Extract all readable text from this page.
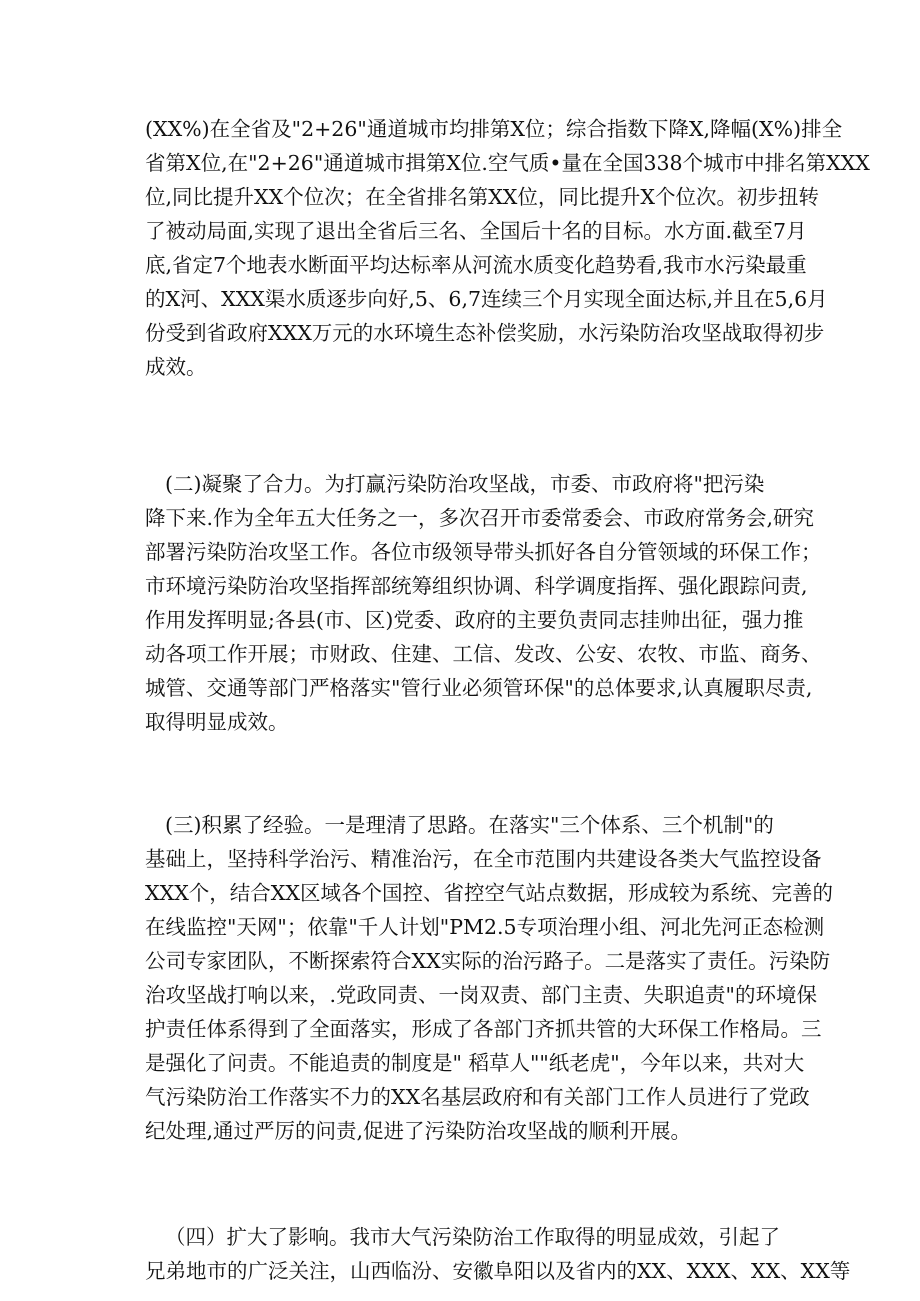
(XX%)在全省及"2+26"通道城市均排第X位；综合指数下降X,降幅(X%)排全
省第X位,在"2+26"通道城市揖第X位.空气质•量在全国338个城市中排名第XXX
位,同比提升XX个位次；在全省排名第XX位，同比提升X个位次。初步扭转
了被动局面,实现了退出全省后三名、全国后十名的目标。水方面.截至7月
底,省定7个地表水断面平均达标率从河流水质变化趋势看,我市水污染最重
的X河、XXX渠水质逐步向好,5、6,7连续三个月实现全面达标,并且在5,6月
份受到省政府XXX万元的水环境生态补偿奖励，水污染防治攻坚战取得初步
成效。

(二)凝聚了合力。为打赢污染防治攻坚战，市委、市政府将"把污染
降下来.作为全年五大任务之一，多次召开市委常委会、市政府常务会,研究
部署污染防治攻坚工作。各位市级领导带头抓好各自分管领域的环保工作；
市环境污染防治攻坚指挥部统筹组织协调、科学调度指挥、强化跟踪问责,
作用发挥明显;各县(市、区)党委、政府的主要负责同志挂帅出征，强力推
动各项工作开展；市财政、住建、工信、发改、公安、农牧、市监、商务、
城管、交通等部门严格落实"管行业必须管环保"的总体要求,认真履职尽责,
取得明显成效。

(三)积累了经验。一是理清了思路。在落实"三个体系、三个机制"的
基础上，坚持科学治污、精准治污，在全市范围内共建设各类大气监控设备
XXX个，结合XX区域各个国控、省控空气站点数据，形成较为系统、完善的
在线监控"天网"；依靠"千人计划"PM2.5专项治理小组、河北先河正态检测
公司专家团队，不断探索符合XX实际的治污路子。二是落实了责任。污染防
治攻坚战打响以来，.党政同责、一岗双责、部门主责、失职追责"的环境保
护责任体系得到了全面落实，形成了各部门齐抓共管的大环保工作格局。三
是强化了问责。不能追责的制度是" 稻草人""纸老虎"，今年以来，共对大
气污染防治工作落实不力的XX名基层政府和有关部门工作人员进行了党政
纪处理,通过严厉的问责,促进了污染防治攻坚战的顺利开展。

（四）扩大了影响。我市大气污染防治工作取得的明显成效，引起了
兄弟地市的广泛关注，山西临汾、安徽阜阳以及省内的XX、XXX、XX、XX等
